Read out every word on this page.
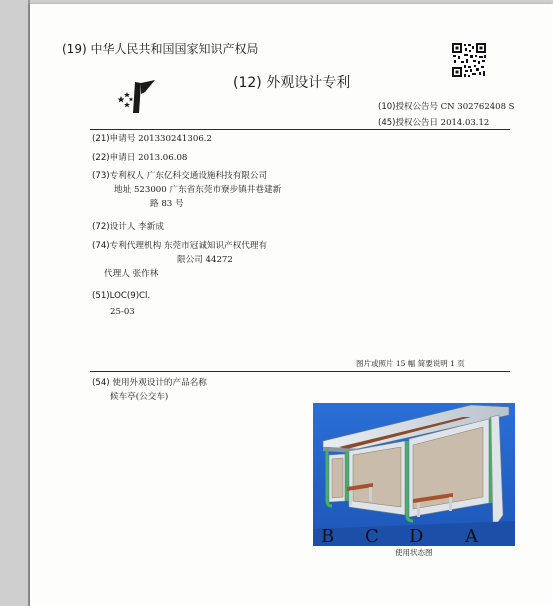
(19) 中华人民共和国国家知识产权局
(12) 外观设计专利
(10)授权公告号 CN 302762408 S
(45)授权公告日 2014.03.12
(21)申请号 201330241306.2
(22)申请日 2013.06.08
(73)专利权人 广东亿科交通设施科技有限公司
地址 523000 广东省东莞市寮步镇井巷建新
路 83 号
(72)设计人 李新成
(74)专利代理机构 东莞市冠诚知识产权代理有
限公司 44272
代理人 张作林
(51)LOC(9)Cl.
25-03
图片或照片 15 幅 简要说明 1 页
(54) 使用外观设计的产品名称
候车亭(公交车)
B C D A
使用状态图
